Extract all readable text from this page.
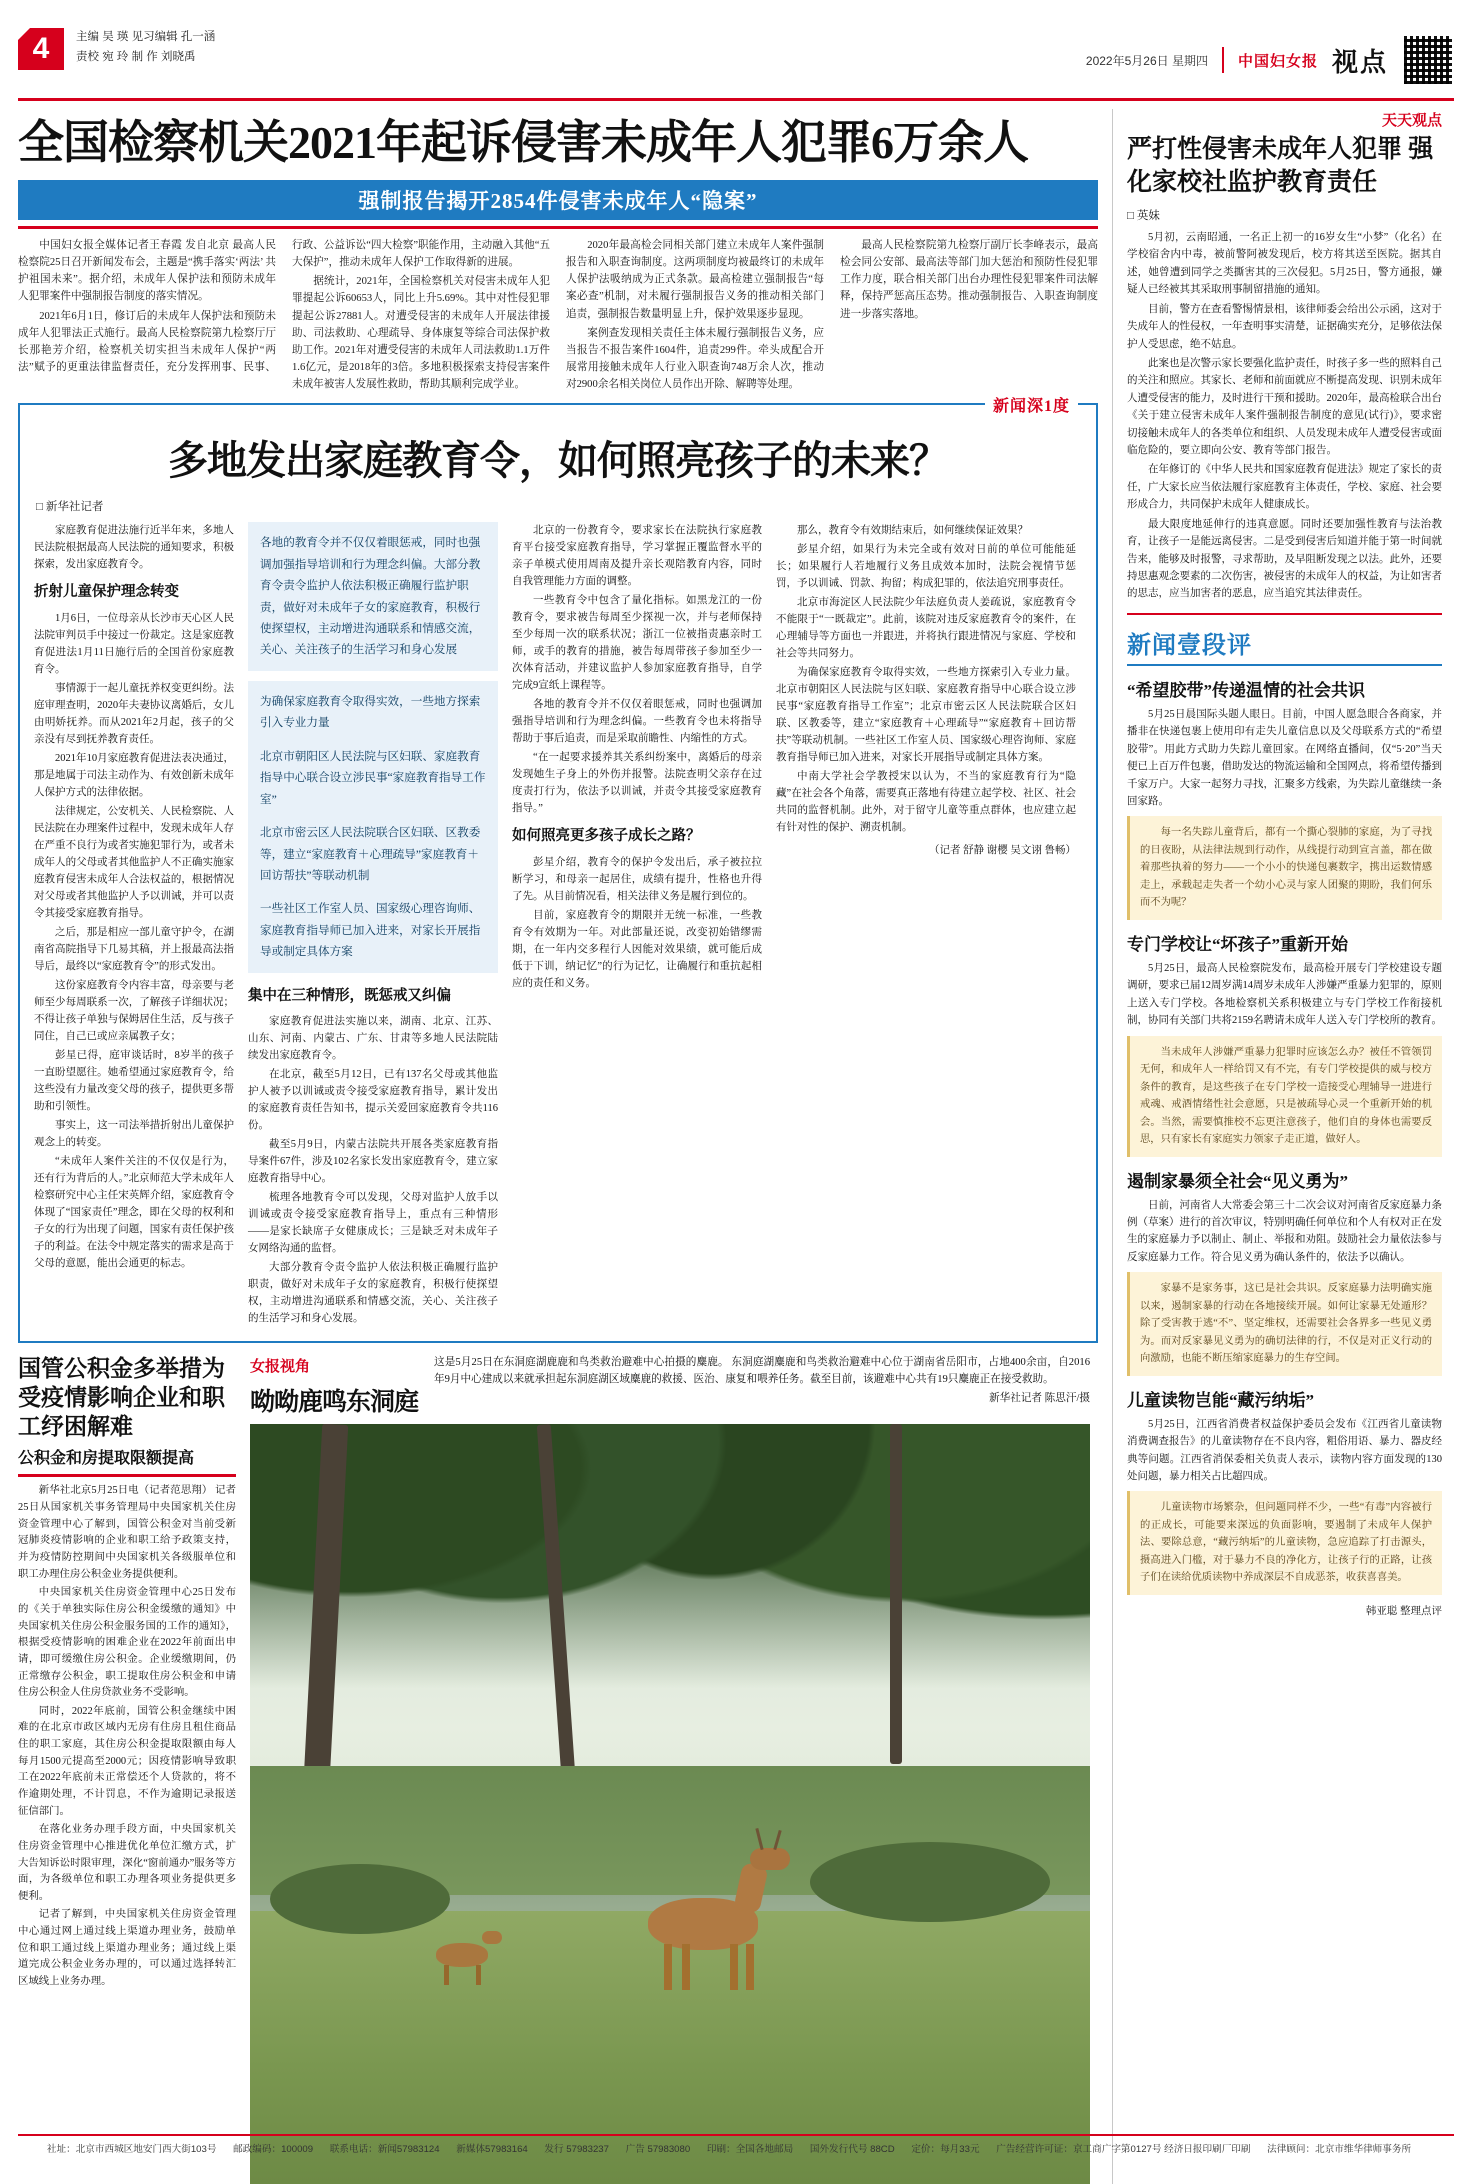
4	主编 吴 瑛 见习编辑 孔一涵
责校 宛 玲 制 作 刘晓禹	2022年5月26日 星期四 中国妇女报 视点
全国检察机关2021年起诉侵害未成年人犯罪6万余人
强制报告揭开2854件侵害未成年人“隐案”

中国妇女报全媒体记者王春霞 发自北京 最高人民检察院25日召开新闻发布会，主题是“携手落实‘两法’ 共护祖国未来”。据介绍，未成年人保护法和预防未成年人犯罪案件中强制报告制度的落实情况。

2021年6月1日，修订后的未成年人保护法和预防未成年人犯罪法正式施行。最高人民检察院第九检察厅厅长那艳芳介绍，检察机关切实担当未成年人保护“两法”赋予的更重法律监督责任，充分发挥刑事、民事、行政、公益诉讼“四大检察”职能作用，主动融入其他“五大保护”，推动未成年人保护工作取得新的进展。

据统计，2021年，全国检察机关对侵害未成年人犯罪提起公诉60653人，同比上升5.69%。其中对性侵犯罪提起公诉27881人。对遭受侵害的未成年人开展法律援助、司法救助、心理疏导、身体康复等综合司法保护救助工作。2021年对遭受侵害的未成年人司法救助1.1万件1.6亿元，是2018年的3倍。多地积极探索支持侵害案件未成年被害人发展性救助，帮助其顺利完成学业。

2020年最高检会同相关部门建立未成年人案件强制报告和入职查询制度。这两项制度均被最终订的未成年人保护法吸纳成为正式条款。最高检建立强制报告“每案必查”机制，对未履行强制报告义务的推动相关部门追责，强制报告数量明显上升，保护效果逐步显现。

案例查发现相关责任主体未履行强制报告义务，应当报告不报告案件1604件，追责299件。牵头成配合开展常用接触未成年人行业入职查询748万余人次，推动对2900余名相关岗位人员作出开除、解聘等处理。

最高人民检察院第九检察厅副厅长李峰表示，最高检会同公安部、最高法等部门加大惩治和预防性侵犯罪工作力度，联合相关部门出台办理性侵犯罪案件司法解释，保持严惩高压态势。推动强制报告、入职查询制度进一步落实落地。

新闻深1度
多地发出家庭教育令，如何照亮孩子的未来？
□ 新华社记者

家庭教育促进法施行近半年来，多地人民法院根据最高人民法院的通知要求，积极探索，发出家庭教育令。

折射儿童保护理念转变

1月6日，一位母亲从长沙市天心区人民法院审判员手中接过一份裁定。这是家庭教育促进法1月11日施行后的全国首份家庭教育令。

事情源于一起儿童抚养权变更纠纷。法庭审理查明，2020年夫妻协议离婚后，女儿由明娇抚养。而从2021年2月起，孩子的父亲没有尽到抚养教育责任。

2021年10月家庭教育促进法表决通过，那是地属于司法主动作为、有效创新未成年人保护方式的法律依据。

法律规定，公安机关、人民检察院、人民法院在办理案件过程中，发现未成年人存在严重不良行为或者实施犯罪行为，或者未成年人的父母或者其他监护人不正确实施家庭教育侵害未成年人合法权益的，根据情况对父母或者其他监护人予以训诫，并可以责令其接受家庭教育指导。

之后，那是相应一部儿童守护令，在湖南省高院指导下几易其稿，并上报最高法指导后，最终以“家庭教育令”的形式发出。

这份家庭教育令内容丰富，母亲要与老师至少每周联系一次，了解孩子详细状况；不得让孩子单独与保姆居住生活，反与孩子同住，自己已或应亲属教子女；

彭星已得，庭审谈话时，8岁半的孩子一直盼望愿往。她希望通过家庭教育令，给这些没有力量改变父母的孩子，提供更多帮助和引领性。

事实上，这一司法举措折射出儿童保护观念上的转变。

“未成年人案件关注的不仅仅是行为，还有行为背后的人。”北京师范大学未成年人检察研究中心主任宋英辉介绍，家庭教育令体现了“国家责任”理念，即在父母的权利和子女的行为出现了问题，国家有责任保护孩子的利益。在法令中规定落实的需求是高于父母的意愿，能出会通更的标志。

各地的教育令并不仅仅着眼惩戒，同时也强调加强指导培训和行为理念纠偏。大部分教育令责令监护人依法积极正确履行监护职责，做好对未成年子女的家庭教育，积极行使探望权，主动增进沟通联系和情感交流，关心、关注孩子的生活学习和身心发展

为确保家庭教育令取得实效，一些地方探索引入专业力量

北京市朝阳区人民法院与区妇联、家庭教育指导中心联合设立涉民事“家庭教育指导工作室”

北京市密云区人民法院联合区妇联、区教委等，建立“家庭教育＋心理疏导”家庭教育＋回访帮扶”等联动机制

一些社区工作室人员、国家级心理咨询师、家庭教育指导师已加入进来，对家长开展指导或制定具体方案

集中在三种情形，既惩戒又纠偏

家庭教育促进法实施以来，湖南、北京、江苏、山东、河南、内蒙古、广东、甘肃等多地人民法院陆续发出家庭教育令。

在北京，截至5月12日，已有137名父母或其他监护人被予以训诫或责令接受家庭教育指导，累计发出的家庭教育责任告知书，提示关爱回家庭教育令共116份。

截至5月9日，内蒙古法院共开展各类家庭教育指导案件67件，涉及102名家长发出家庭教育令，建立家庭教育指导中心。

梳理各地教育令可以发现，父母对监护人放手以训诫或责令接受家庭教育指导上，重点有三种情形——是家长缺席子女健康成长；三是缺乏对未成年子女网络沟通的监督。

大部分教育令责令监护人依法积极正确履行监护职责，做好对未成年子女的家庭教育，积极行使探望权，主动增进沟通联系和情感交流，关心、关注孩子的生活学习和身心发展。

北京的一份教育令，要求家长在法院执行家庭教育平台接受家庭教育指导，学习掌握正覆监督水平的亲子单模式使用周南及提升亲长观陪教育内容，同时自我管理能力方面的调整。

一些教育令中包含了量化指标。如黑龙江的一份教育令，要求被告每周至少探视一次，并与老师保持至少每周一次的联系状况；浙江一位被指责惠亲时工师，或手的教育的措施，被告每周带孩子参加至少一次体育活动，并建议监护人参加家庭教育指导，自学完成9宣纸上课程等。

各地的教育令并不仅仅着眼惩戒，同时也强调加强指导培训和行为理念纠偏。一些教育令也未将指导帮助于事后追责，而是采取前瞻性、内缩性的方式。

“在一起要求援养其关系纠纷案中，离婚后的母亲发现她生子身上的外伤并报警。法院查明父亲存在过度责打行为，依法予以训诫，并责令其接受家庭教育指导。”

如何照亮更多孩子成长之路？

彭星介绍，教育令的保护令发出后，承子被拉拉断学习，和母亲一起居住，成绩有提升，性格也升得了先。从目前情况看，相关法律义务是履行到位的。

目前，家庭教育令的期限并无统一标准，一些教育令有效期为一年。对此部量还说，改变初始错缪需期，在一年内交多程行人因能对效果绩，就可能后成低于下训，纳记忆”的行为记忆，让确履行和重抗起相应的责任和义务。

那么，教育令有效期结束后，如何继续保证效果？

彭星介绍，如果行为未完全或有效对日前的单位可能能延长；如果履行人若地履行义务且成效本加时，法院会视情节惩罚，予以训诫、罚款、拘留；构成犯罪的，依法追究刑事责任。

北京市海淀区人民法院少年法庭负责人姜疏说，家庭教育令不能限于“一既裁定”。此前，该院对违反家庭教育令的案件，在心理辅导等方面也一并跟进，并将执行跟进情况与家庭、学校和社会等共同努力。

为确保家庭教育令取得实效，一些地方探索引入专业力量。北京市朝阳区人民法院与区妇联、家庭教育指导中心联合设立涉民事“家庭教育指导工作室”；北京市密云区人民法院联合区妇联、区教委等，建立“家庭教育＋心理疏导”“家庭教育＋回访帮扶”等联动机制。一些社区工作室人员、国家级心理咨询师、家庭教育指导师已加入进来，对家长开展指导或制定具体方案。

中南大学社会学教授宋以认为，不当的家庭教育行为“隐藏”在社会各个角落，需要真正落地有待建立起学校、社区、社会共同的监督机制。此外，对于留守儿童等重点群体，也应建立起有针对性的保护、溯责机制。

（记者 舒静 谢樱 吴文诩 鲁畅）

国管公积金多举措为受疫情影响企业和职工纾困解难
公积金和房提取限额提高

新华社北京5月25日电（记者范思翔） 记者25日从国家机关事务管理局中央国家机关住房资金管理中心了解到，国管公积金对当前受新冠肺炎疫情影响的企业和职工给予政策支持，并为疫情防控期间中央国家机关各级服单位和职工办理住房公积金业务提供便利。

中央国家机关住房资金管理中心25日发布的《关于单独实际住房公积金缓缴的通知》中央国家机关住房公积金服务国的工作的通知》，根据受疫情影响的困难企业在2022年前面出申请，即可缓缴住房公积金。企业缓缴期间，仍正常缴存公积金，职工提取住房公积金和申请住房公积金人住房贷款业务不受影响。

同时，2022年底前，国管公积金继续中困难的在北京市政区域内无房有住房且租住商品住的职工家庭，其住房公积金提取限额由每人每月1500元提高至2000元；因疫情影响导致职工在2022年底前未正常偿还个人贷款的，将不作逾期处理，不计罚息，不作为逾期记录报送征信部门。

在落化业务办理手段方面，中央国家机关住房资金管理中心推进优化单位汇缴方式，扩大告知诉讼时限审理，深化“窗前通办”服务等方面，为各级单位和职工办理各项业务提供更多便利。

记者了解到，中央国家机关住房资金管理中心通过网上通过线上渠道办理业务，鼓励单位和职工通过线上渠道办理业务；通过线上渠道完成公积金业务办理的，可以通过选择转汇区域线上业务办理。

女报视角
呦呦鹿鸣东洞庭
这是5月25日在东洞庭湖鹿鹿和鸟类救治避难中心拍摄的麋鹿。 东洞庭湖麋鹿和鸟类救治避难中心位于湖南省岳阳市，占地400余亩，自2016年9月中心建成以来就承担起东洞庭湖区域麋鹿的救援、医治、康复和喂养任务。截至目前，该避难中心共有19只麋鹿正在接受救助。
新华社记者 陈思汗/摄
天天观点
严打性侵害未成年人犯罪 强化家校社监护教育责任
□ 英妹

5月初，云南昭通，一名正上初一的16岁女生“小梦”（化名）在学校宿舍内中毒，被前警阿被发现后，校方将其送至医院。据其自述，她曾遭到同学之类撕害其的三次侵犯。5月25日，警方通报，嫌疑人已经被其其采取刑事制留措施的通知。

目前，警方在查看警惕情景相，该律师委会给出公示函，这对于失成年人的性侵权，一年查明事实清楚，证据确实充分，足够依法保护人受思虑，绝不姑息。

此案也是次警示家长要强化监护责任，时孩子多一些的照料自己的关注和照应。其家长、老师和前面就应不断提高发现、识别未成年人遭受侵害的能力，及时进行干预和援助。2020年，最高检联合出台《关于建立侵害未成年人案件强制报告制度的意见(试行)》，要求密切接触未成年人的各类单位和组织、人员发现未成年人遭受侵害或面临危险的，要立即向公安、教育等部门报告。

在年修订的《中华人民共和国家庭教育促进法》规定了家长的责任，广大家长应当依法履行家庭教育主体责任，学校、家庭、社会要形成合力，共同保护未成年人健康成长。

最大限度地延伸行的违真意愿。同时还要加强性教育与法治教育，让孩子一是能远离侵害。二是受到侵害后知道并能于第一时间就告来，能够及时报警，寻求帮助，及早阻断发现之以法。此外，还要持思惠观念要素的二次伤害，被侵害的未成年人的权益，为让如害者的思志，应当加害者的恶息，应当追究其法律责任。

新闻壹段评
“希望胶带”传递温情的社会共识

5月25日晨国际头题人眼日。目前，中国人愿急眼合各商家，并播非在快递包裹上使用印有走失儿童信息以及父母联系方式的“希望胶带”。用此方式助力失踪儿童回家。在网络直播间，仅“5·20”当天便已上百万件包裹，借助发达的物流运输和全国网点，将希望传播到千家万户。大家一起努力寻找，汇聚多方线索，为失踪儿童继续一条回家路。

每一名失踪儿童背后，都有一个撕心裂肺的家庭，为了寻找的日夜盼，从法律法规到行动作，从线提行动到宣言盖，都在做着那些执着的努力——一个小小的快递包裹数字，携出运数情感走上，承载起走失者一个幼小心灵与家人团聚的期盼，我们何乐而不为呢？

专门学校让“坏孩子”重新开始

5月25日，最高人民检察院发布，最高检开展专门学校建设专题调研，要求已届12周岁满14周岁未成年人涉嫌严重暴力犯罪的，原则上送入专门学校。各地检察机关系积极建立与专门学校工作衔接机制，协同有关部门共将2159名聘请未成年人送入专门学校所的教育。

当未成年人涉嫌严重暴力犯罪时应该怎么办？被任不管领罚无何，和成年人一样给罚又有不完，有专门学校提供的威与校方条件的教育，是这些孩子在专门学校一造接受心理辅导一进进行戒魂、戒酒情绪性社会意愿，只是被疏导心灵一个重新开始的机会。当然，需要慎推校不忘更注意孩子，他们自的身体也需要反思，只有家长有家庭实力领家子走正道，做好人。

遏制家暴须全社会“见义勇为”

日前，河南省人大常委会第三十二次会议对河南省反家庭暴力条例（草案）进行的首次审议，特别明确任何单位和个人有权对正在发生的家庭暴力予以制止、制止、举报和劝阻。鼓励社会力量依法参与反家庭暴力工作。符合见义勇为确认条件的，依法予以确认。

家暴不是家务事，这已是社会共识。反家庭暴力法明确实施以来，遏制家暴的行动在各地接续开展。如何让家暴无处遁形？除了受害教于逃“不”、坚定维权，还需要社会各界多一些见义勇为。而对反家暴见义勇为的确切法律的行，不仅是对正义行动的向激励，也能不断压缩家庭暴力的生存空间。

儿童读物岂能“藏污纳垢”

5月25日，江西省消费者权益保护委员会发布《江西省儿童读物消费调查报告》的儿童读物存在不良内容，粗俗用语、暴力、器皮经典等问题。江西省消保委相关负责人表示，读物内容方面发现的130处问题，暴力相关占比超四成。

儿童读物市场繁杂，但问题同样不少，一些“有毒”内容被行的正成长，可能要来深远的负面影响，要遏制了未成年人保护法、要除总意，“藏污纳垢”的儿童读物，急应追踪了打击源头，摄高进入门槛，对于暴力不良的净化方，让孩子行的正路，让孩子们在读给优质读物中养成深层不自成恶茶，收获喜喜美。

韩亚聪 整理点评
社址：北京市西城区地安门西大街103号 邮政编码：100009 联系电话：新闻57983124 新媒体57983164 发行 57983237 广告 57983080 印刷：全国各地邮局 国外发行代号 88CD 定价：每月33元 广告经营许可证：京工商广字第0127号 经济日报印刷厂印刷 法律顾问：北京市维华律师事务所
